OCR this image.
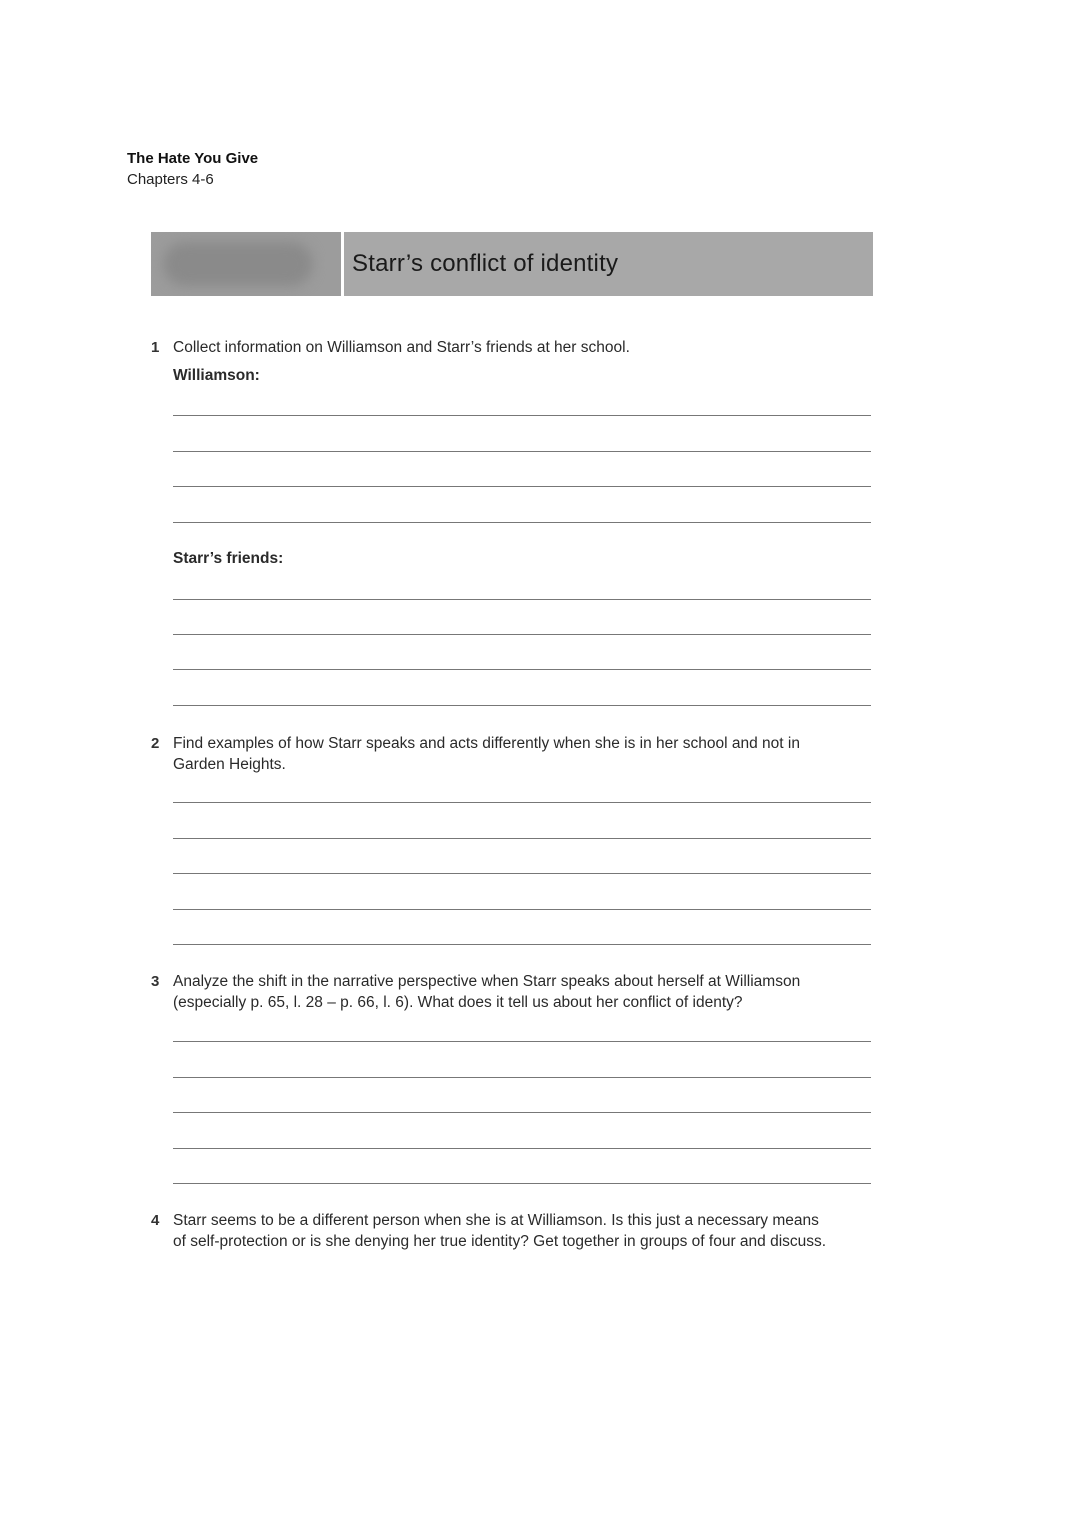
The Hate You Give
Chapters 4-6
Starr’s conflict of identity
1 Collect information on Williamson and Starr’s friends at her school.
Williamson:
Starr’s friends:
2 Find examples of how Starr speaks and acts differently when she is in her school and not in
Garden Heights.
3 Analyze the shift in the narrative perspective when Starr speaks about herself at Williamson
(especially p. 65, l. 28 – p. 66, l. 6). What does it tell us about her conflict of identy?
4 Starr seems to be a different person when she is at Williamson. Is this just a necessary means
of self-protection or is she denying her true identity? Get together in groups of four and discuss.
